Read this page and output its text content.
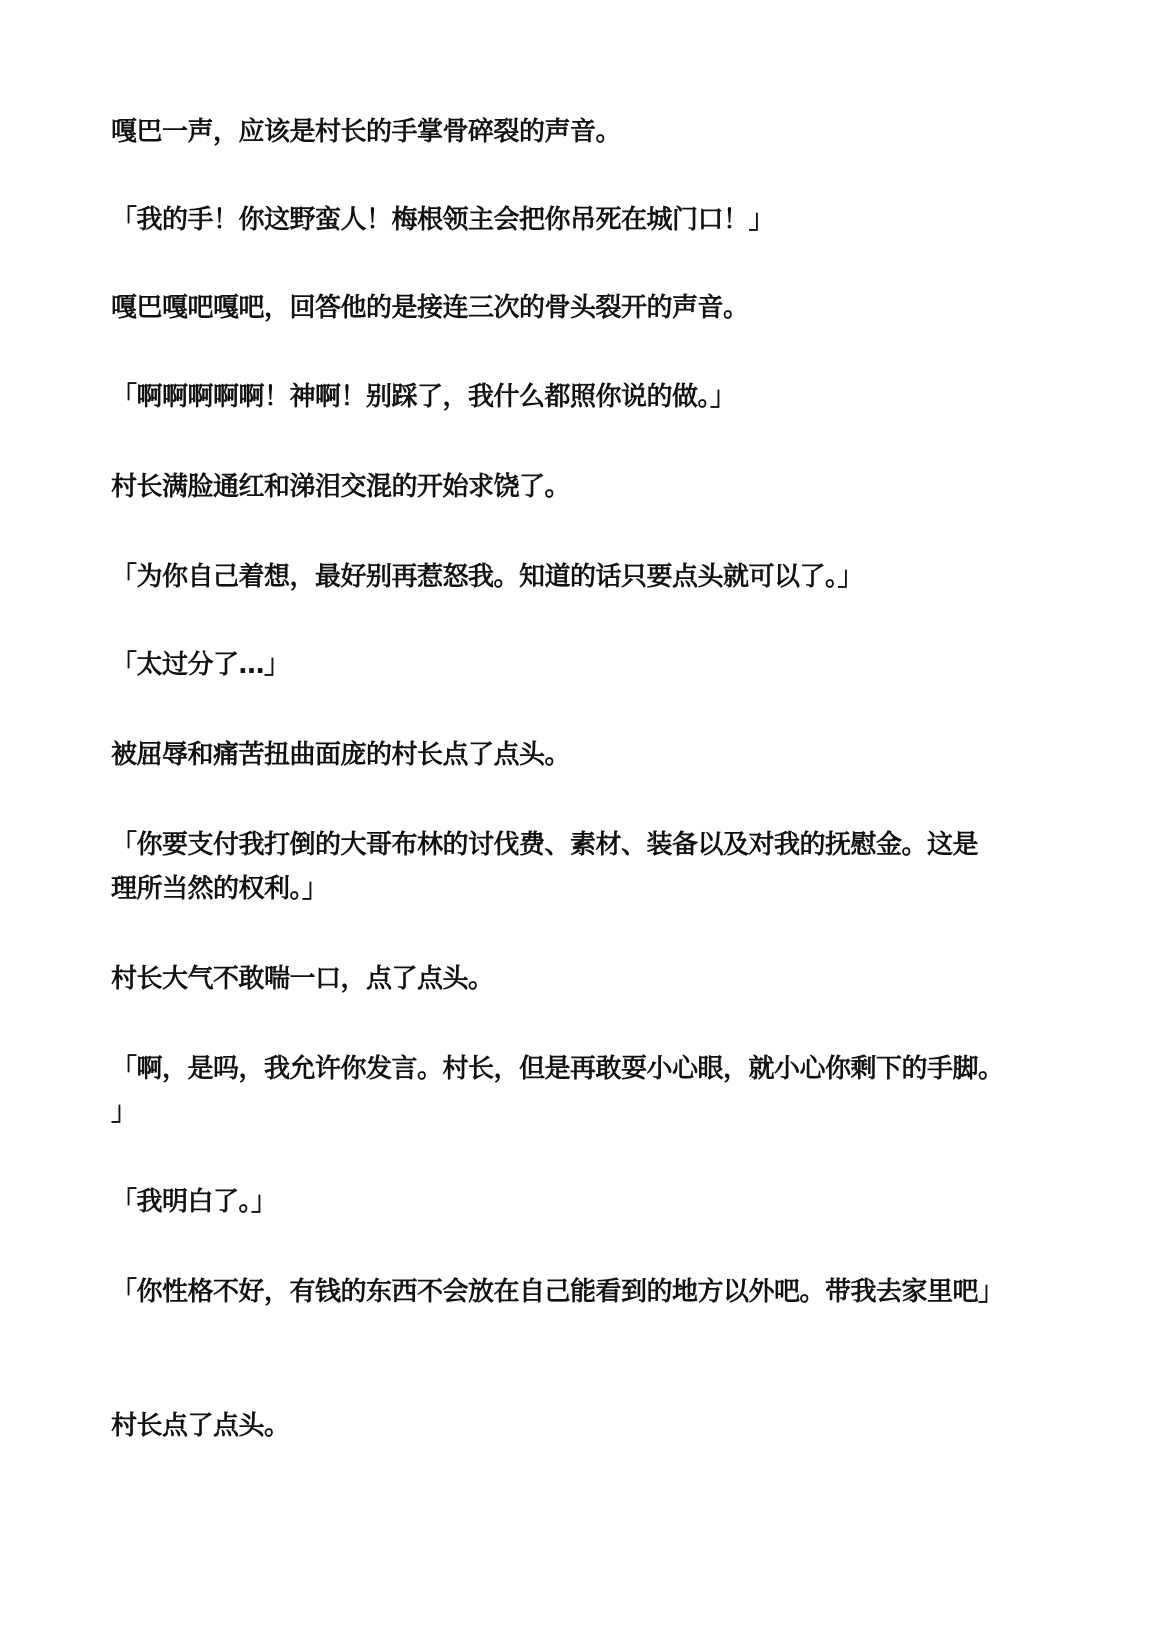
嘎巴一声，应该是村长的手掌骨碎裂的声音。

「我的手！你这野蛮人！梅根领主会把你吊死在城门口！」

嘎巴嘎吧嘎吧，回答他的是接连三次的骨头裂开的声音。

「啊啊啊啊啊！神啊！别踩了，我什么都照你说的做。」

村长满脸通红和涕泪交混的开始求饶了。

「为你自己着想，最好别再惹怒我。知道的话只要点头就可以了。」

「太过分了…」

被屈辱和痛苦扭曲面庞的村长点了点头。

「你要支付我打倒的大哥布林的讨伐费、素材、装备以及对我的抚慰金。这是

理所当然的权利。」

村长大气不敢喘一口，点了点头。

「啊，是吗，我允许你发言。村长，但是再敢耍小心眼，就小心你剩下的手脚。

」

「我明白了。」

「你性格不好，有钱的东西不会放在自己能看到的地方以外吧。带我去家里吧」

村长点了点头。
